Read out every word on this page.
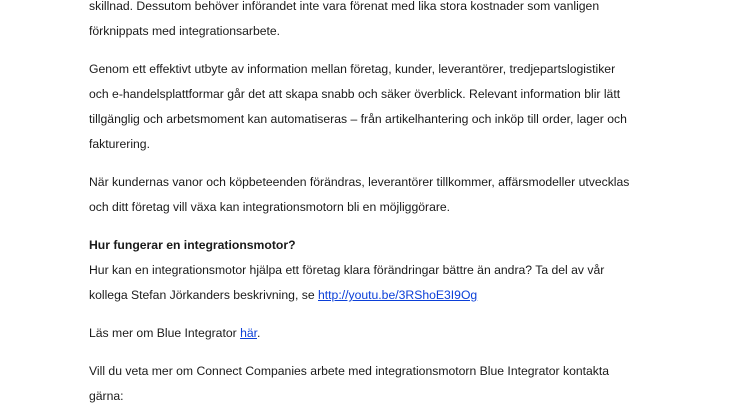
skillnad. Dessutom behöver införandet inte vara förenat med lika stora kostnader som vanligen
förknippats med integrationsarbete.
Genom ett effektivt utbyte av information mellan företag, kunder, leverantörer, tredjepartslogistiker
och e-handelsplattformar går det att skapa snabb och säker överblick. Relevant information blir lätt
tillgänglig och arbetsmoment kan automatiseras – från artikelhantering och inköp till order, lager och
fakturering.
När kundernas vanor och köpbeteenden förändras, leverantörer tillkommer, affärsmodeller utvecklas
och ditt företag vill växa kan integrationsmotorn bli en möjliggörare.
Hur fungerar en integrationsmotor?
Hur kan en integrationsmotor hjälpa ett företag klara förändringar bättre än andra? Ta del av vår
kollega Stefan Jörkanders beskrivning, se http://youtu.be/3RShoE3I9Og
Läs mer om Blue Integrator här.
Vill du veta mer om Connect Companies arbete med integrationsmotorn Blue Integrator kontakta
gärna:
